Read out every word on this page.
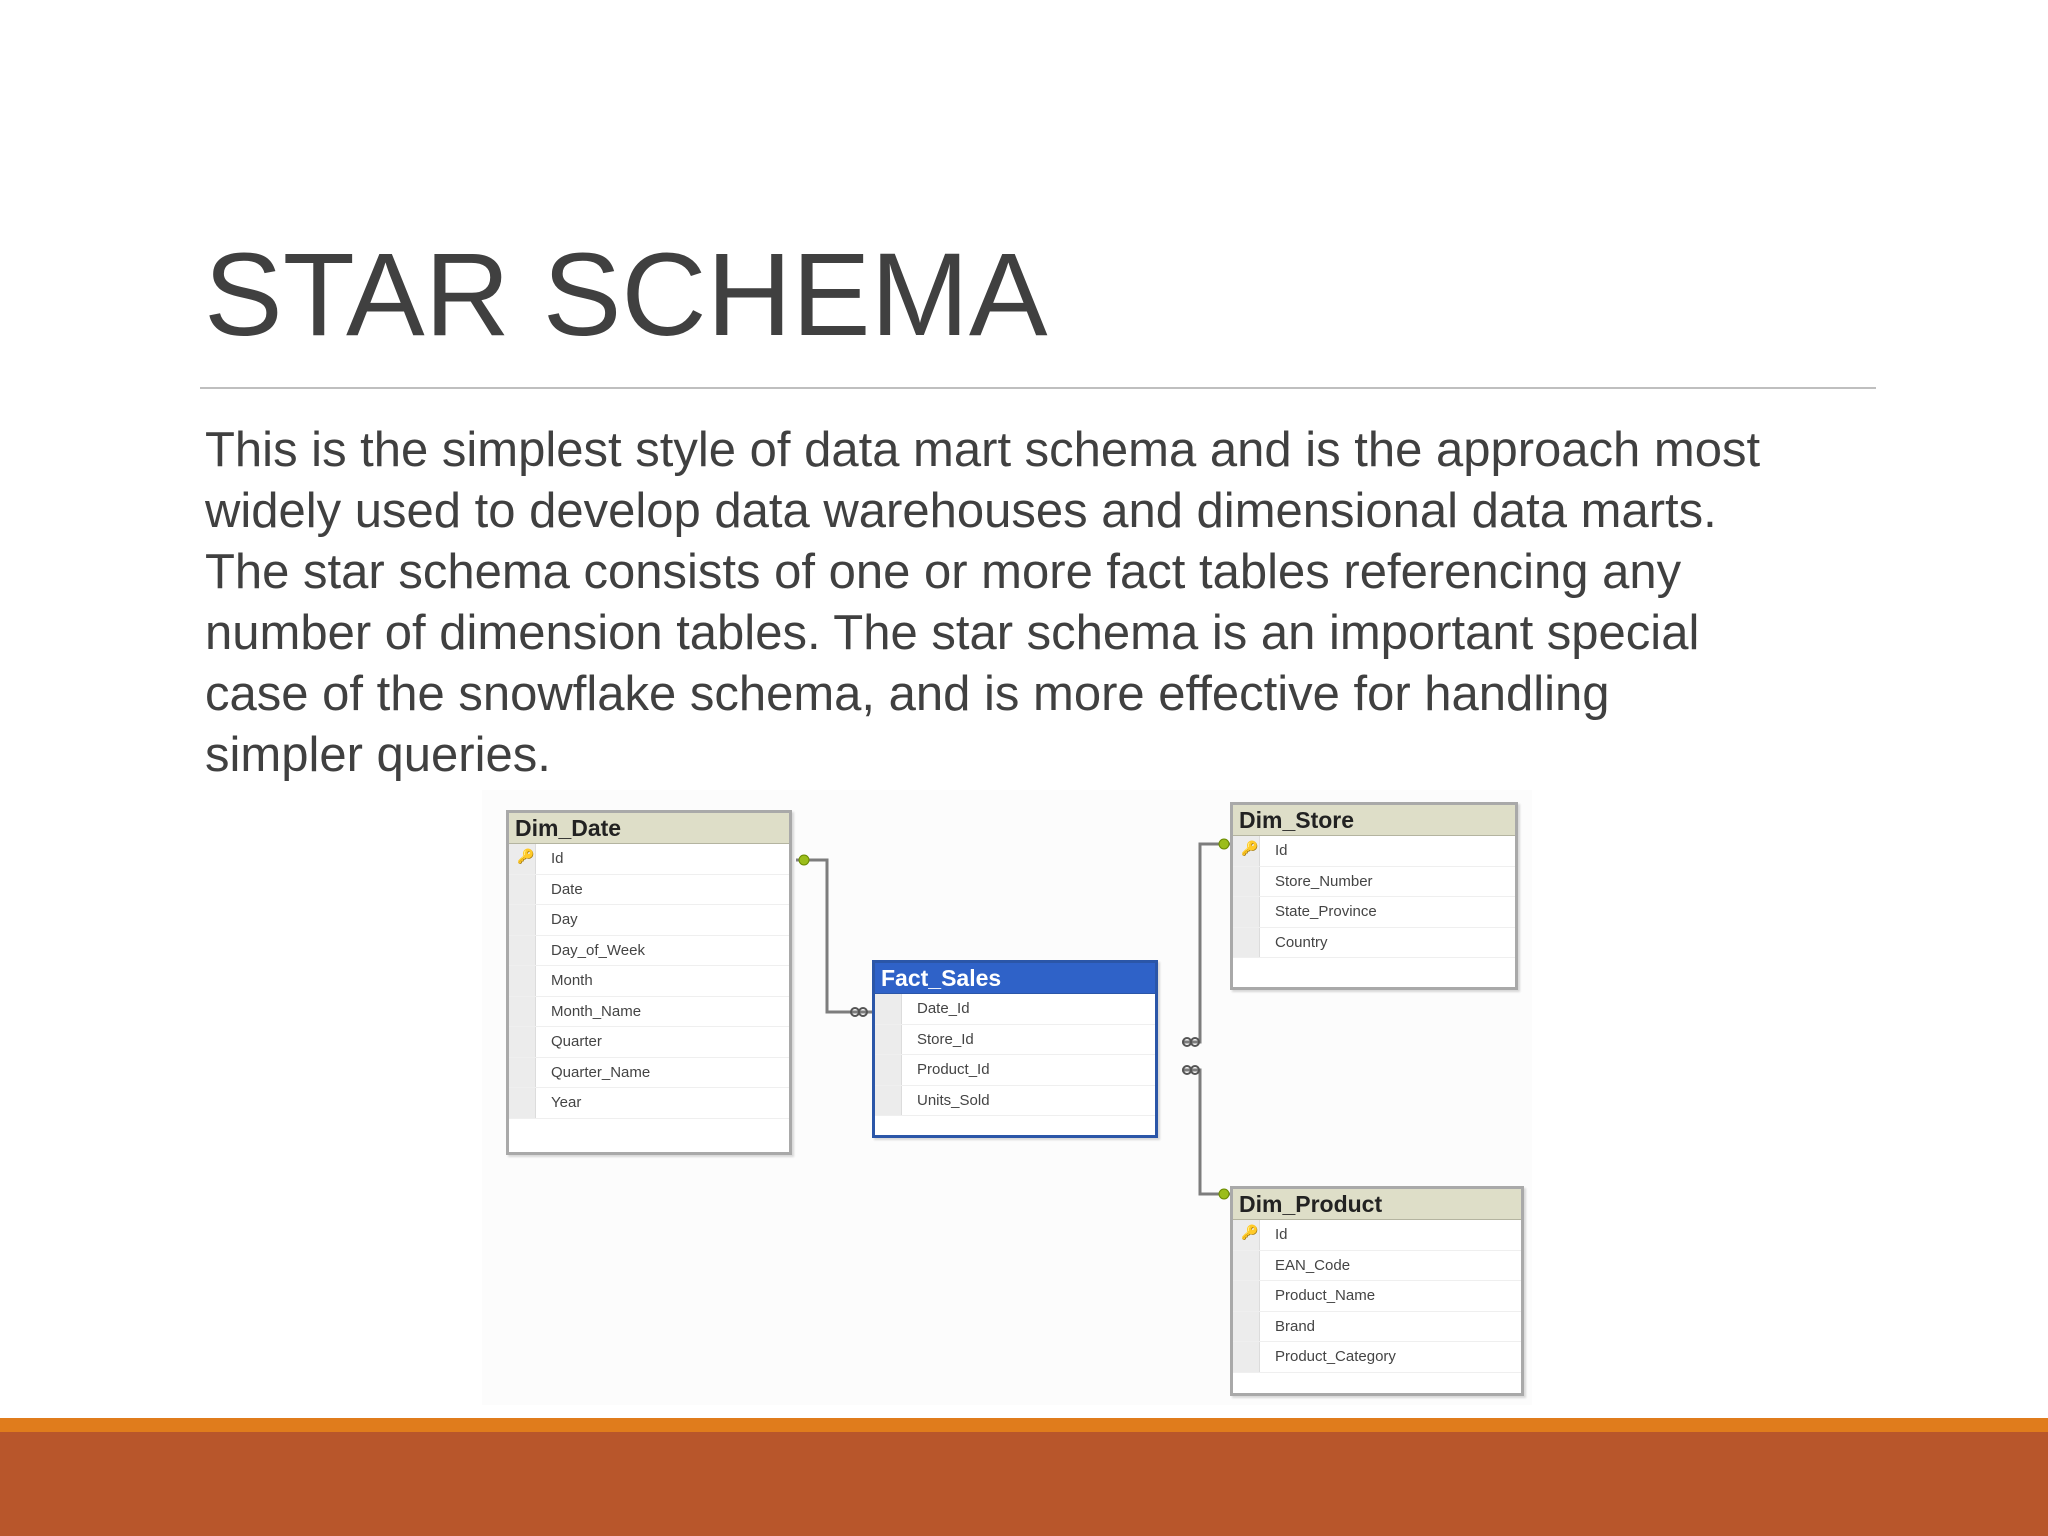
STAR SCHEMA
This is the simplest style of data mart schema and is the approach most
widely used to develop data warehouses and dimensional data marts.
The star schema consists of one or more fact tables referencing any
number of dimension tables. The star schema is an important special
case of the snowflake schema, and is more effective for handling
simpler queries.
Dim_Date
🔑 Id
Date
Day
Day_of_Week
Month
Month_Name
Quarter
Quarter_Name
Year
Fact_Sales
Date_Id
Store_Id
Product_Id
Units_Sold
Dim_Store
🔑 Id
Store_Number
State_Province
Country
Dim_Product
🔑 Id
EAN_Code
Product_Name
Brand
Product_Category
